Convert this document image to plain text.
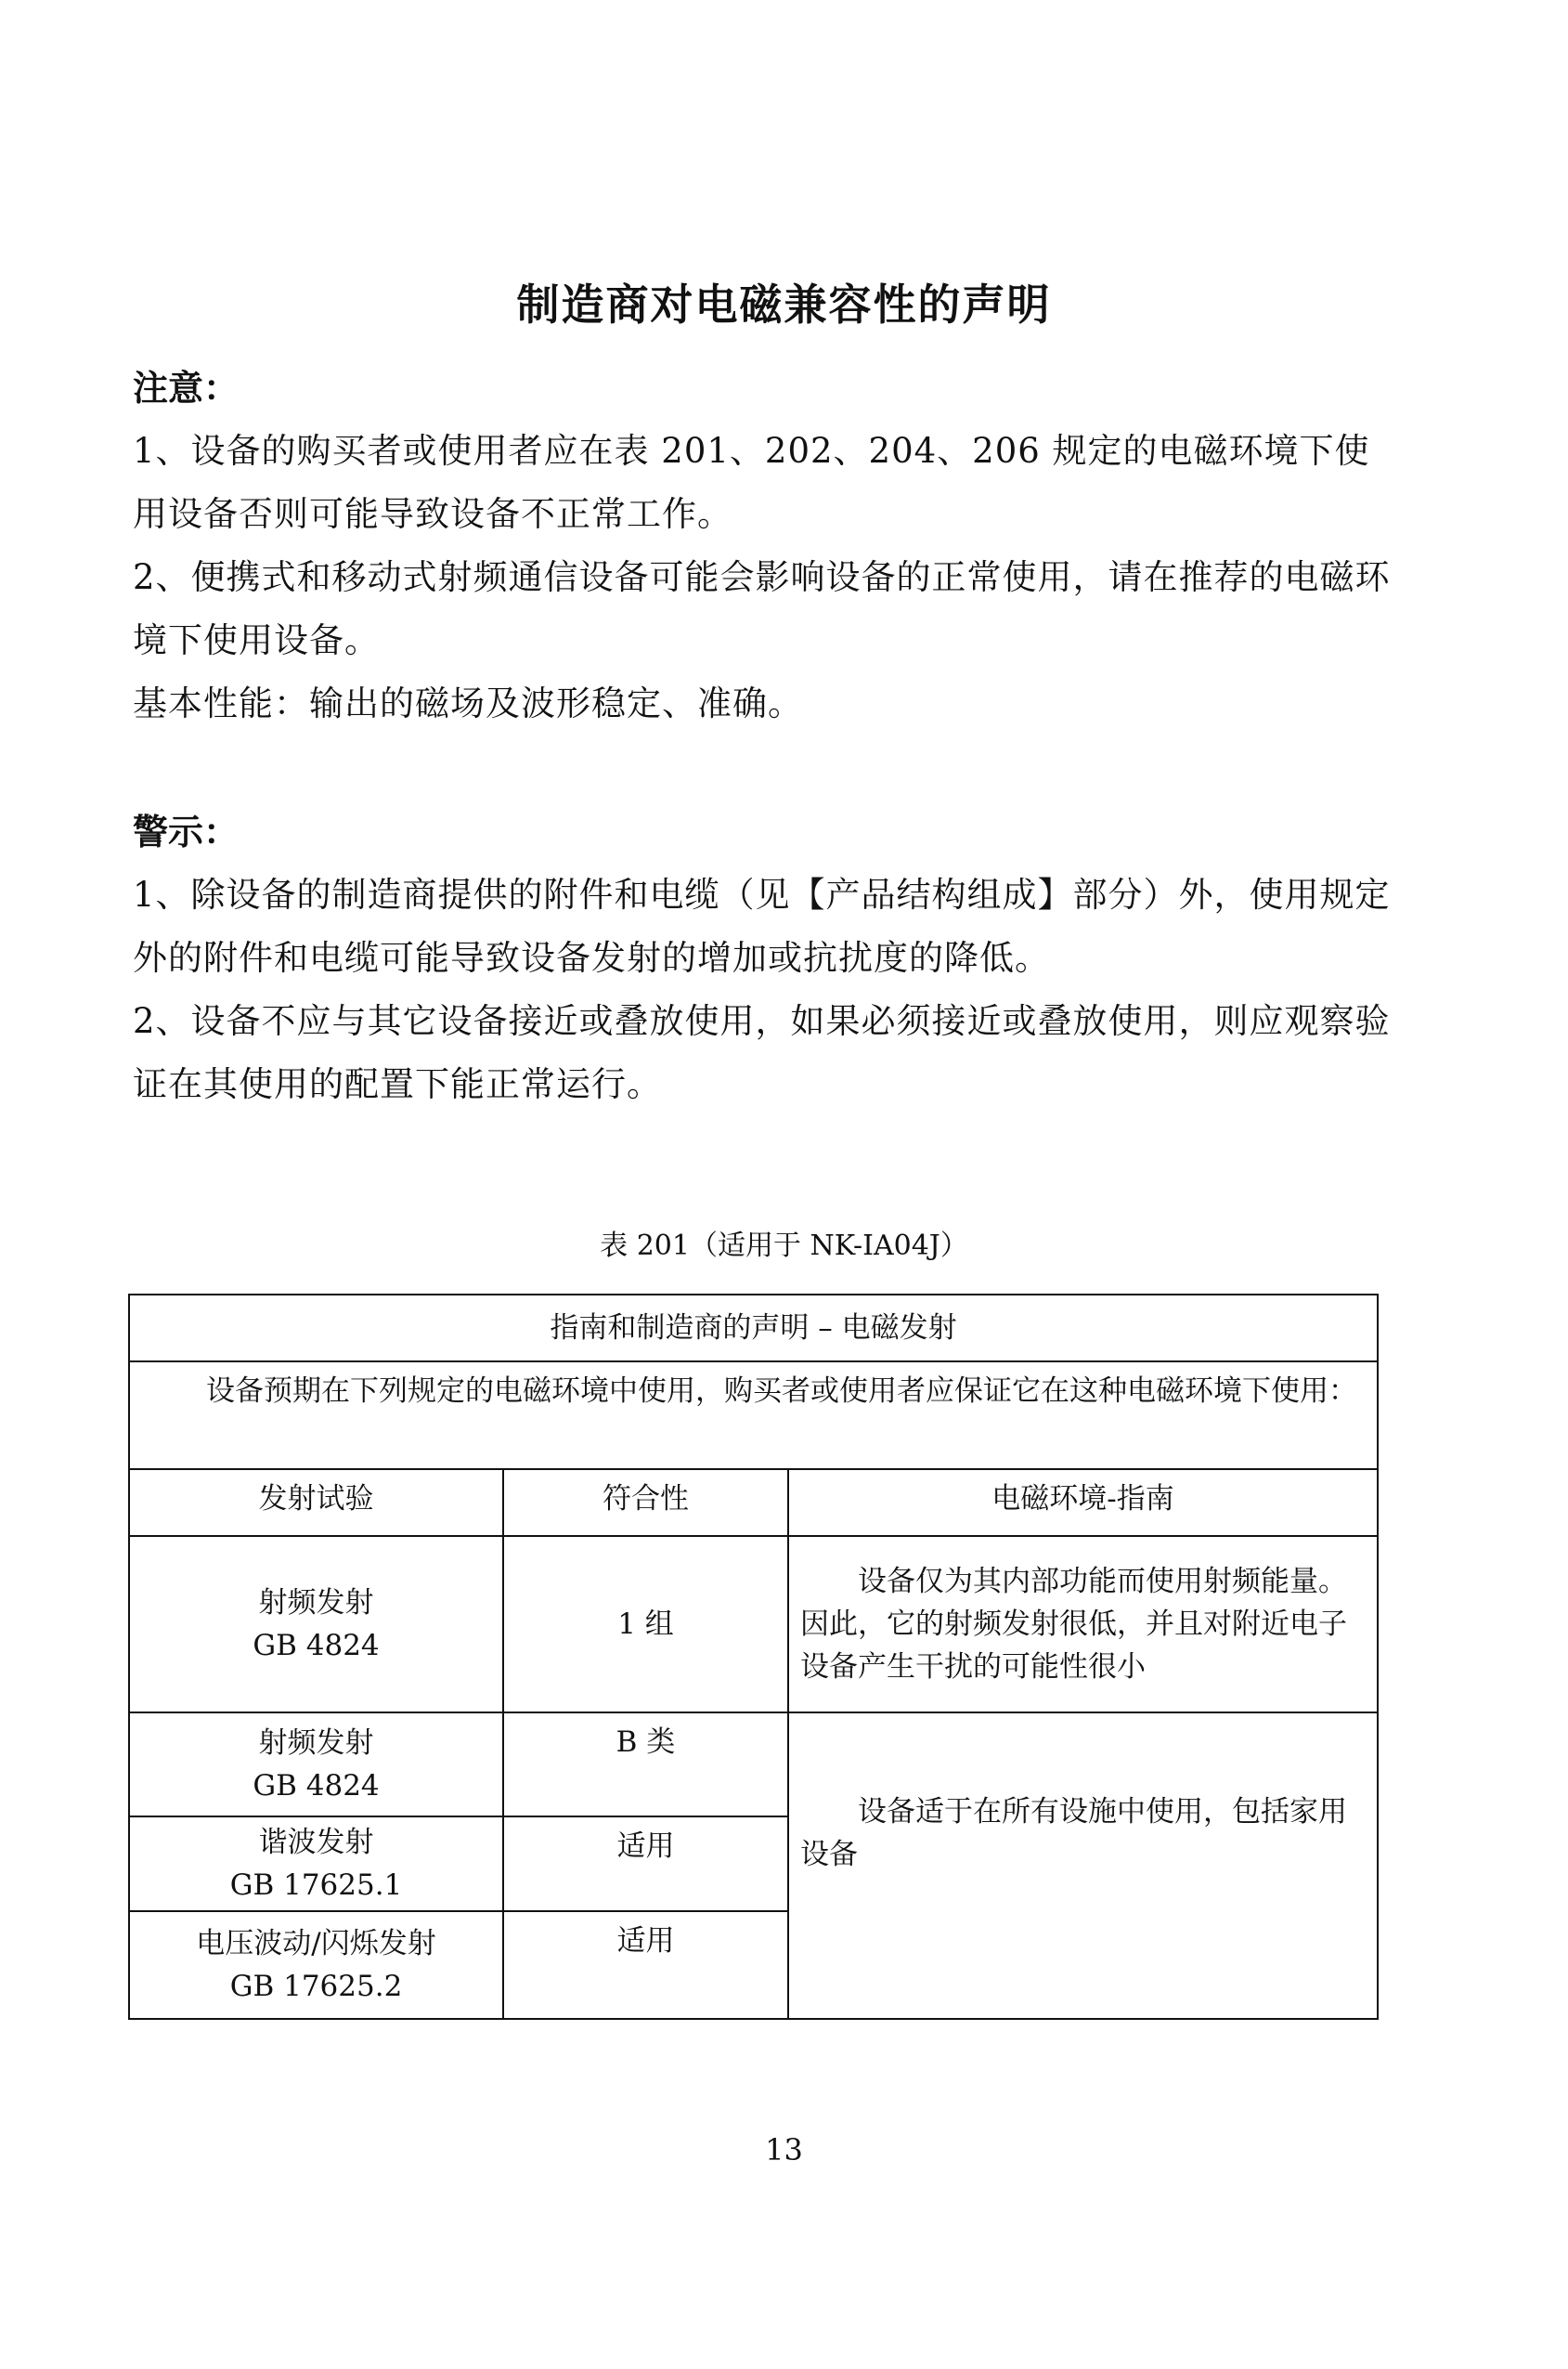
制造商对电磁兼容性的声明

注意：

1、设备的购买者或使用者应在表 201、202、204、206 规定的电磁环境下使用设备否则可能导致设备不正常工作。

2、便携式和移动式射频通信设备可能会影响设备的正常使用，请在推荐的电磁环境下使用设备。

基本性能：输出的磁场及波形稳定、准确。

警示：

1、除设备的制造商提供的附件和电缆（见【产品结构组成】部分）外，使用规定外的附件和电缆可能导致设备发射的增加或抗扰度的降低。

2、设备不应与其它设备接近或叠放使用，如果必须接近或叠放使用，则应观察验证在其使用的配置下能正常运行。

表 201（适用于 NK-IA04J）
指南和制造商的声明 – 电磁发射		

设备预期在下列规定的电磁环境中使用，购买者或使用者应保证它在这种电磁环境下使用：		

发射试验	符合性	电磁环境-指南

射频发射
GB 4824	1 组	设备仅为其内部功能而使用射频能量。因此，它的射频发射很低，并且对附近电子设备产生干扰的可能性很小

射频发射
GB 4824	B 类	设备适于在所有设施中使用，包括家用设备

谐波发射
GB 17625.1	适用	

电压波动/闪烁发射
GB 17625.2	适用	
13
